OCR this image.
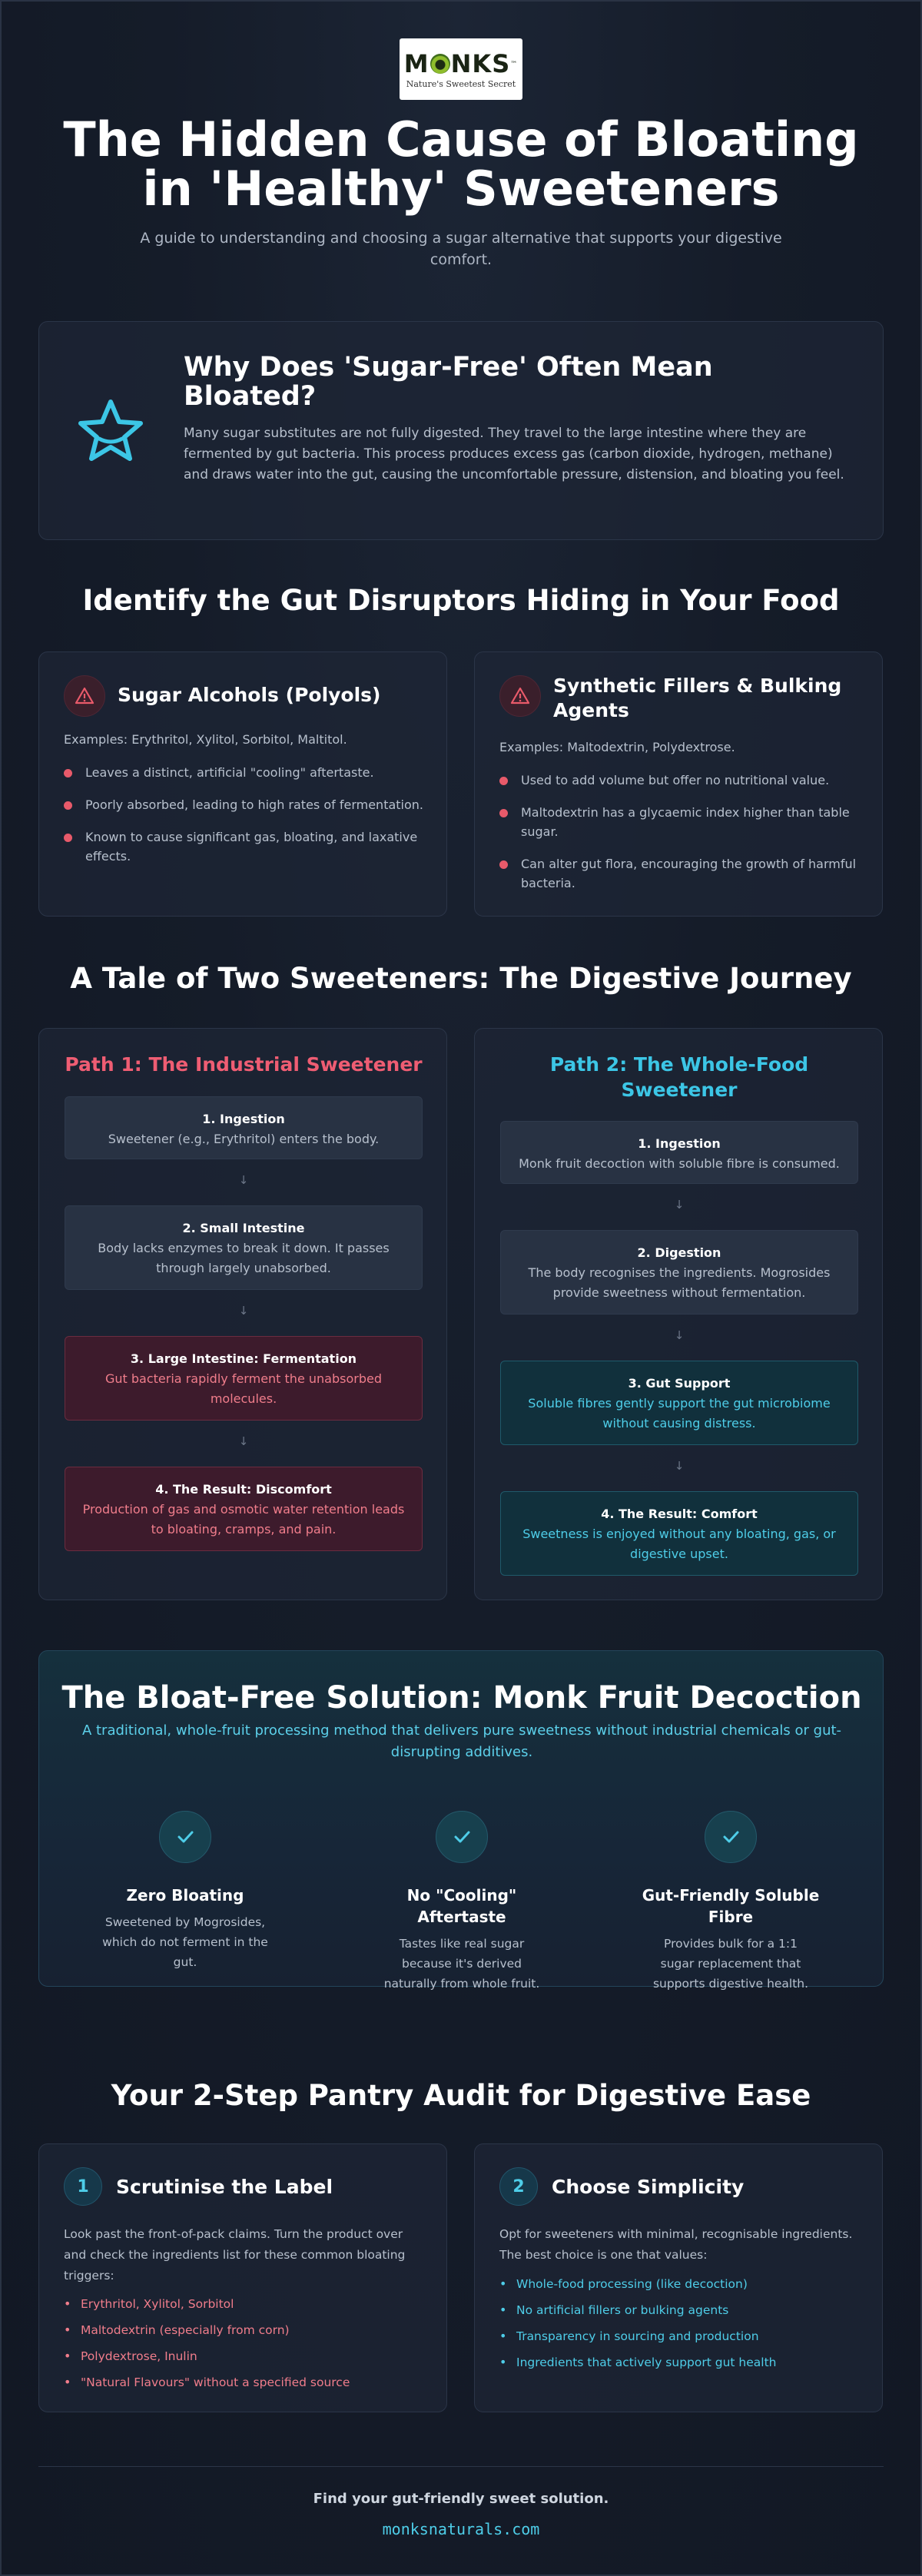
M NKS ™
Nature's Sweetest Secret
The Hidden Cause of Bloating in 'Healthy' Sweeteners

A guide to understanding and choosing a sugar alternative that supports your digestive comfort.

Why Does 'Sugar-Free' Often Mean Bloated?

Many sugar substitutes are not fully digested. They travel to the large intestine where they are fermented by gut bacteria. This process produces excess gas (carbon dioxide, hydrogen, methane) and draws water into the gut, causing the uncomfortable pressure, distension, and bloating you feel.

Identify the Gut Disruptors Hiding in Your Food
Sugar Alcohols (Polyols)

Examples: Erythritol, Xylitol, Sorbitol, Maltitol.

Leaves a distinct, artificial "cooling" aftertaste.
Poorly absorbed, leading to high rates of fermentation.
Known to cause significant gas, bloating, and laxative effects.
Synthetic Fillers & Bulking Agents

Examples: Maltodextrin, Polydextrose.

Used to add volume but offer no nutritional value.
Maltodextrin has a glycaemic index higher than table sugar.
Can alter gut flora, encouraging the growth of harmful bacteria.
A Tale of Two Sweeteners: The Digestive Journey
Path 1: The Industrial Sweetener
1. Ingestion
Sweetener (e.g., Erythritol) enters the body.
↓
2. Small Intestine
Body lacks enzymes to break it down. It passes through largely unabsorbed.
↓
3. Large Intestine: Fermentation
Gut bacteria rapidly ferment the unabsorbed molecules.
↓
4. The Result: Discomfort
Production of gas and osmotic water retention leads to bloating, cramps, and pain.
Path 2: The Whole-Food Sweetener
1. Ingestion
Monk fruit decoction with soluble fibre is consumed.
↓
2. Digestion
The body recognises the ingredients. Mogrosides provide sweetness without fermentation.
↓
3. Gut Support
Soluble fibres gently support the gut microbiome without causing distress.
↓
4. The Result: Comfort
Sweetness is enjoyed without any bloating, gas, or digestive upset.
The Bloat-Free Solution: Monk Fruit Decoction

A traditional, whole-fruit processing method that delivers pure sweetness without industrial chemicals or gut-disrupting additives.

Zero Bloating
Sweetened by Mogrosides, which do not ferment in the gut.
No "Cooling" Aftertaste
Tastes like real sugar because it's derived naturally from whole fruit.
Gut-Friendly Soluble Fibre
Provides bulk for a 1:1 sugar replacement that supports digestive health.
Your 2-Step Pantry Audit for Digestive Ease
1	Scrutinise the Label

Look past the front-of-pack claims. Turn the product over and check the ingredients list for these common bloating triggers:

• Erythritol, Xylitol, Sorbitol
• Maltodextrin (especially from corn)
• Polydextrose, Inulin
• "Natural Flavours" without a specified source
2	Choose Simplicity

Opt for sweeteners with minimal, recognisable ingredients. The best choice is one that values:

• Whole-food processing (like decoction)
• No artificial fillers or bulking agents
• Transparency in sourcing and production
• Ingredients that actively support gut health
Find your gut-friendly sweet solution.
monksnaturals.com
